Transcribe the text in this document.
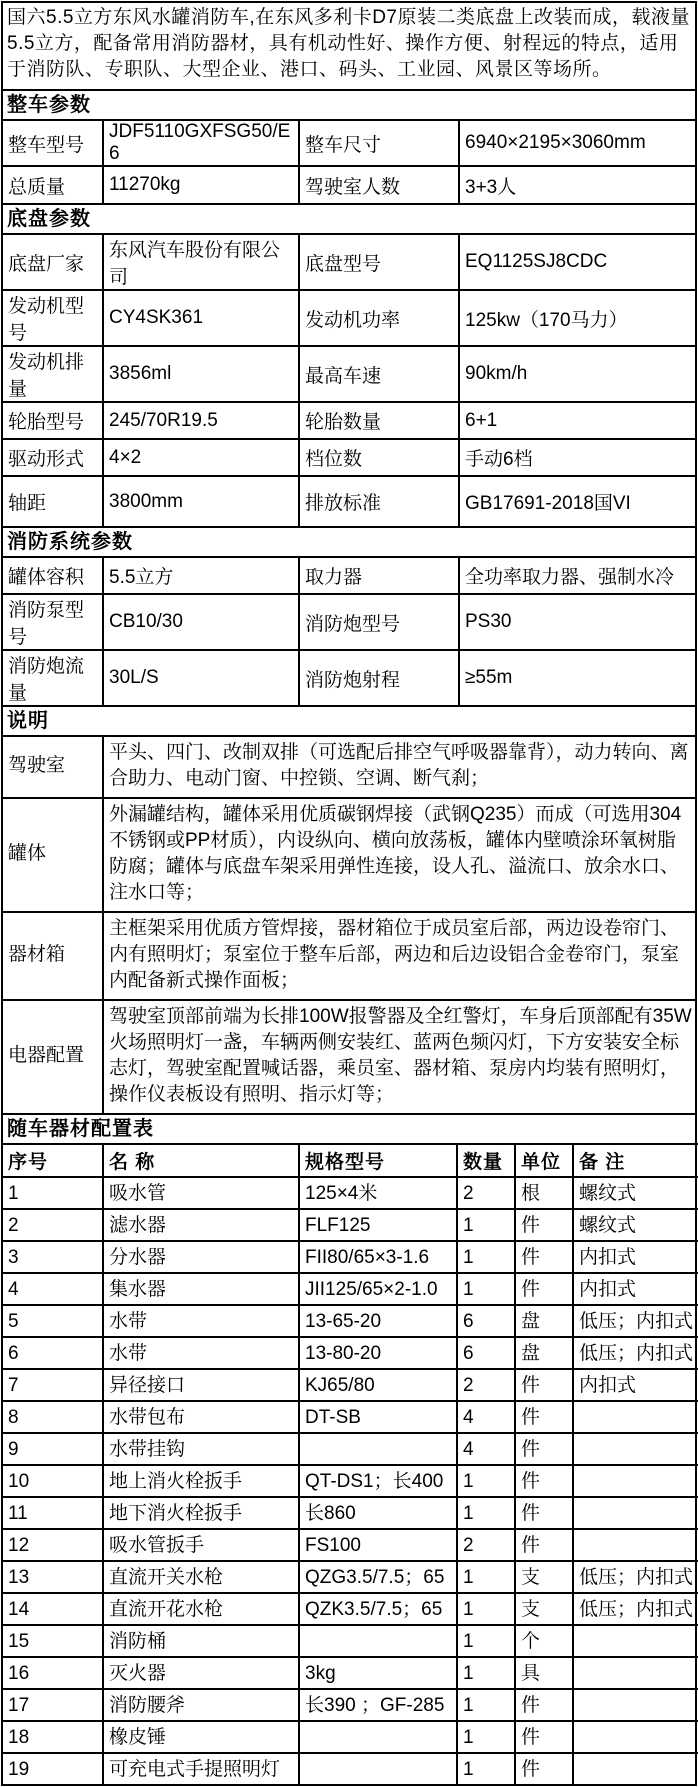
国六5.5立方东风水罐消防车,在东风多利卡D7原装二类底盘上改装而成，载液量5.5立方，配备常用消防器材，具有机动性好、操作方便、射程远的特点，适用于消防队、专职队、大型企业、港口、码头、工业园、风景区等场所。
整车参数
整车型号	JDF5110GXFSG50/E6	整车尺寸	6940×2195×3060mm
总质量	11270kg	驾驶室人数	3+3人
底盘参数
底盘厂家	东风汽车股份有限公司	底盘型号	EQ1125SJ8CDC
发动机型号	CY4SK361	发动机功率	125kw（170马力）
发动机排量	3856ml	最高车速	90km/h
轮胎型号	245/70R19.5	轮胎数量	6+1
驱动形式	4×2	档位数	手动6档
轴距	3800mm	排放标准	GB17691-2018国VI
消防系统参数
罐体容积	5.5立方	取力器	全功率取力器、强制水冷
消防泵型号	CB10/30	消防炮型号	PS30
消防炮流量	30L/S	消防炮射程	≥55m
说明
驾驶室	平头、四门、改制双排（可选配后排空气呼吸器靠背），动力转向、离合助力、电动门窗、中控锁、空调、断气刹；
罐体	外漏罐结构，罐体采用优质碳钢焊接（武钢Q235）而成（可选用304不锈钢或PP材质），内设纵向、横向放荡板，罐体内壁喷涂环氧树脂防腐；罐体与底盘车架采用弹性连接，设人孔、溢流口、放余水口、注水口等；
器材箱	主框架采用优质方管焊接，器材箱位于成员室后部，两边设卷帘门、内有照明灯；泵室位于整车后部，两边和后边设铝合金卷帘门，泵室内配备新式操作面板；
电器配置	驾驶室顶部前端为长排100W报警器及全红警灯，车身后顶部配有35W火场照明灯一盏，车辆两侧安装红、蓝两色频闪灯，下方安装安全标志灯，驾驶室配置喊话器，乘员室、器材箱、泵房内均装有照明灯，操作仪表板设有照明、指示灯等；
随车器材配置表
序号	名 称	规格型号	数量	单位	备 注
1	吸水管	125×4米	2	根	螺纹式
2	滤水器	FLF125	1	件	螺纹式
3	分水器	FII80/65×3-1.6	1	件	内扣式
4	集水器	JII125/65×2-1.0	1	件	内扣式
5	水带	13-65-20	6	盘	低压；内扣式
6	水带	13-80-20	6	盘	低压；内扣式
7	异径接口	KJ65/80	2	件	内扣式
8	水带包布	DT-SB	4	件	
9	水带挂钩		4	件	
10	地上消火栓扳手	QT-DS1；长400	1	件	
11	地下消火栓扳手	长860	1	件	
12	吸水管扳手	FS100	2	件	
13	直流开关水枪	QZG3.5/7.5；65	1	支	低压；内扣式
14	直流开花水枪	QZK3.5/7.5；65	1	支	低压；内扣式
15	消防桶		1	个	
16	灭火器	3kg	1	具	
17	消防腰斧	长390 ；GF-285	1	件	
18	橡皮锤		1	件	
19	可充电式手提照明灯		1	件	
